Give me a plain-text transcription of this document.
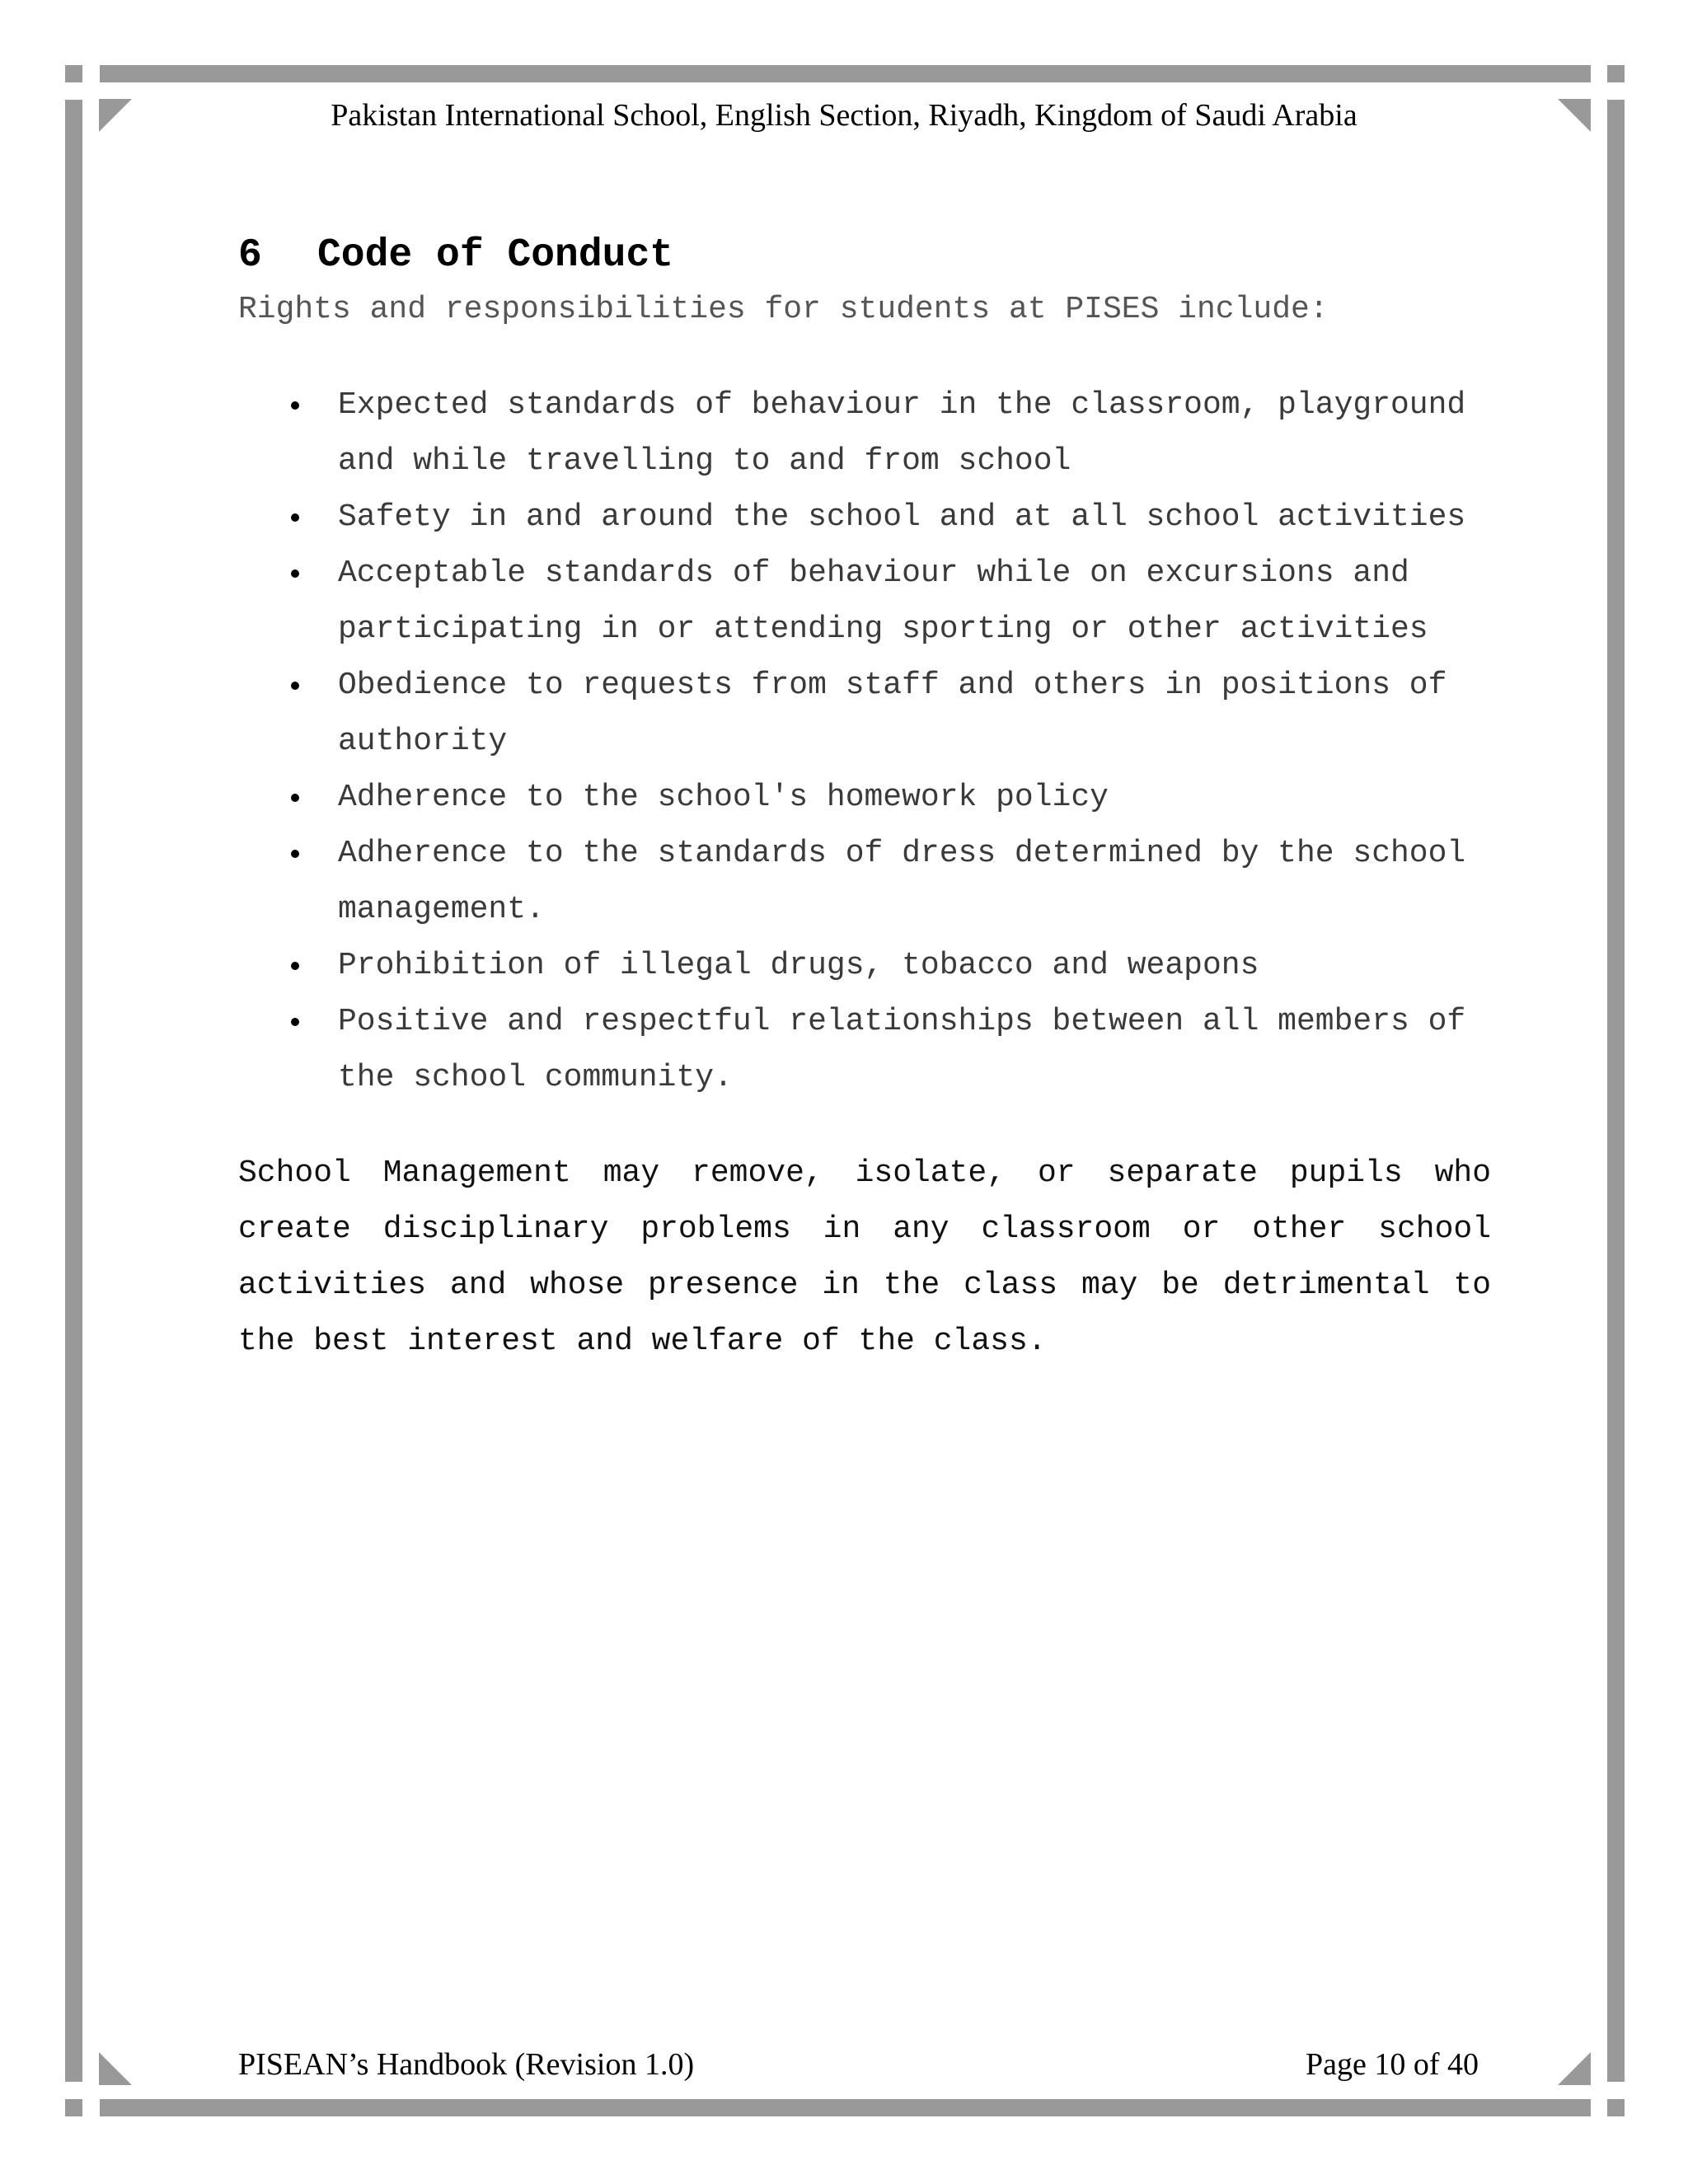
Pakistan International School, English Section, Riyadh, Kingdom of Saudi Arabia
6	Code of Conduct

Rights and responsibilities for students at PISES include:

Expected standards of behaviour in the classroom, playground and while travelling to and from school
Safety in and around the school and at all school activities
Acceptable standards of behaviour while on excursions and participating in or attending sporting or other activities
Obedience to requests from staff and others in positions of authority
Adherence to the school's homework policy
Adherence to the standards of dress determined by the school management.
Prohibition of illegal drugs, tobacco and weapons
Positive and respectful relationships between all members of the school community.

School Management may remove, isolate, or separate pupils who create disciplinary problems in any classroom or other school activities and whose presence in the class may be detrimental to the best interest and welfare of the class.

PISEAN’s Handbook (Revision 1.0)	Page 10 of 40
